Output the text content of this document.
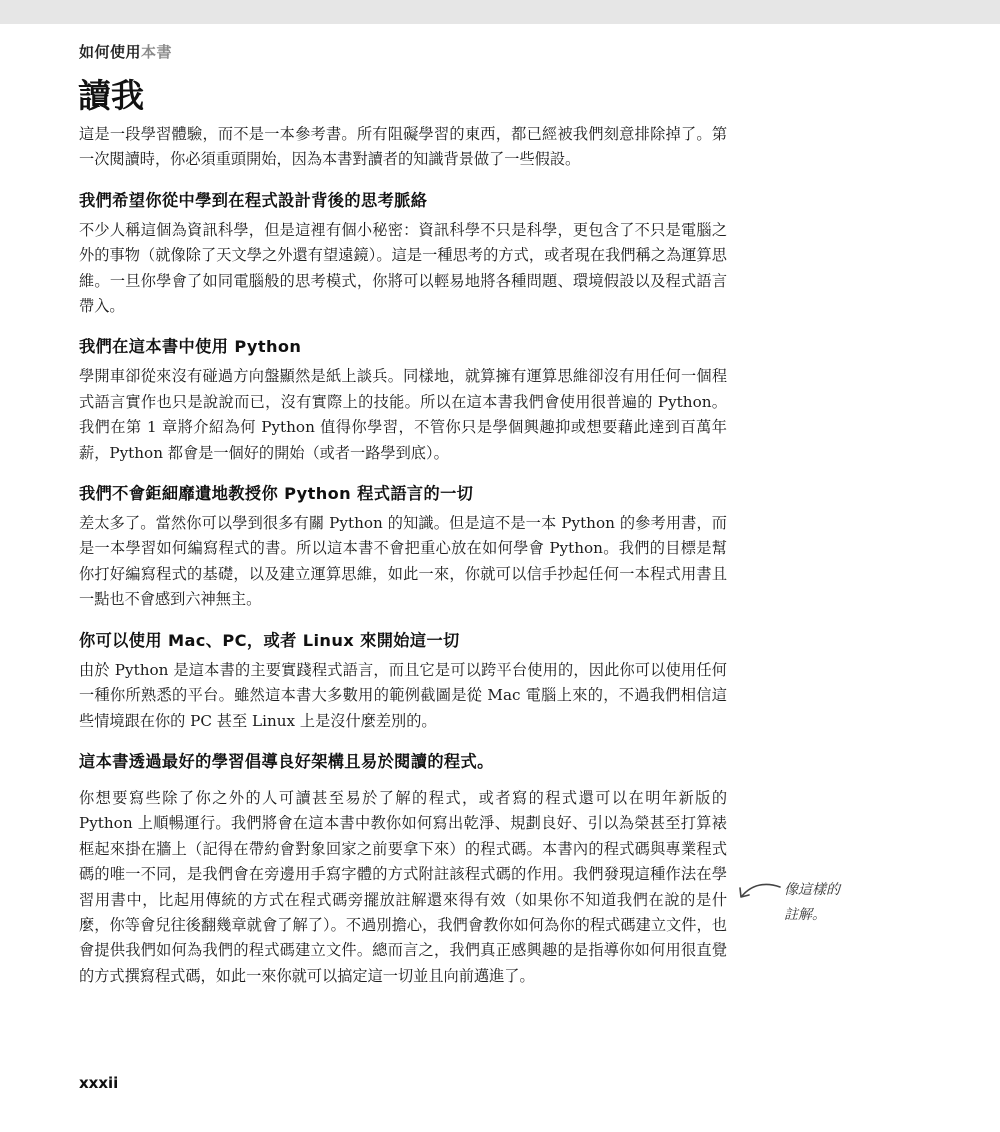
如何使用本書
讀我

這是一段學習體驗，而不是一本參考書。所有阻礙學習的東西，都已經被我們刻意排除掉了。第一次閱讀時，你必須重頭開始，因為本書對讀者的知識背景做了一些假設。

我們希望你從中學到在程式設計背後的思考脈絡

不少人稱這個為資訊科學，但是這裡有個小秘密：資訊科學不只是科學，更包含了不只是電腦之外的事物（就像除了天文學之外還有望遠鏡）。這是一種思考的方式，或者現在我們稱之為運算思維。一旦你學會了如同電腦般的思考模式，你將可以輕易地將各種問題、環境假設以及程式語言帶入。

我們在這本書中使用 Python

學開車卻從來沒有碰過方向盤顯然是紙上談兵。同樣地，就算擁有運算思維卻沒有用任何一個程式語言實作也只是說說而已，沒有實際上的技能。所以在這本書我們會使用很普遍的 Python。我們在第 1 章將介紹為何 Python 值得你學習，不管你只是學個興趣抑或想要藉此達到百萬年薪，Python 都會是一個好的開始（或者一路學到底）。

我們不會鉅細靡遺地教授你 Python 程式語言的一切

差太多了。當然你可以學到很多有關 Python 的知識。但是這不是一本 Python 的參考用書，而是一本學習如何編寫程式的書。所以這本書不會把重心放在如何學會 Python。我們的目標是幫你打好編寫程式的基礎，以及建立運算思維，如此一來，你就可以信手抄起任何一本程式用書且一點也不會感到六神無主。

你可以使用 Mac、PC，或者 Linux 來開始這一切

由於 Python 是這本書的主要實踐程式語言，而且它是可以跨平台使用的，因此你可以使用任何一種你所熟悉的平台。雖然這本書大多數用的範例截圖是從 Mac 電腦上來的，不過我們相信這些情境跟在你的 PC 甚至 Linux 上是沒什麼差別的。

這本書透過最好的學習倡導良好架構且易於閱讀的程式。

你想要寫些除了你之外的人可讀甚至易於了解的程式，或者寫的程式還可以在明年新版的 Python 上順暢運行。我們將會在這本書中教你如何寫出乾淨、規劃良好、引以為榮甚至打算裱框起來掛在牆上（記得在帶約會對象回家之前要拿下來）的程式碼。本書內的程式碼與專業程式碼的唯一不同，是我們會在旁邊用手寫字體的方式附註該程式碼的作用。我們發現這種作法在學習用書中，比起用傳統的方式在程式碼旁擺放註解還來得有效（如果你不知道我們在說的是什麼，你等會兒往後翻幾章就會了解了）。不過別擔心，我們會教你如何為你的程式碼建立文件，也會提供我們如何為我們的程式碼建立文件。總而言之，我們真正感興趣的是指導你如何用很直覺的方式撰寫程式碼，如此一來你就可以搞定這一切並且向前邁進了。

像這樣的
註解。
xxxii
